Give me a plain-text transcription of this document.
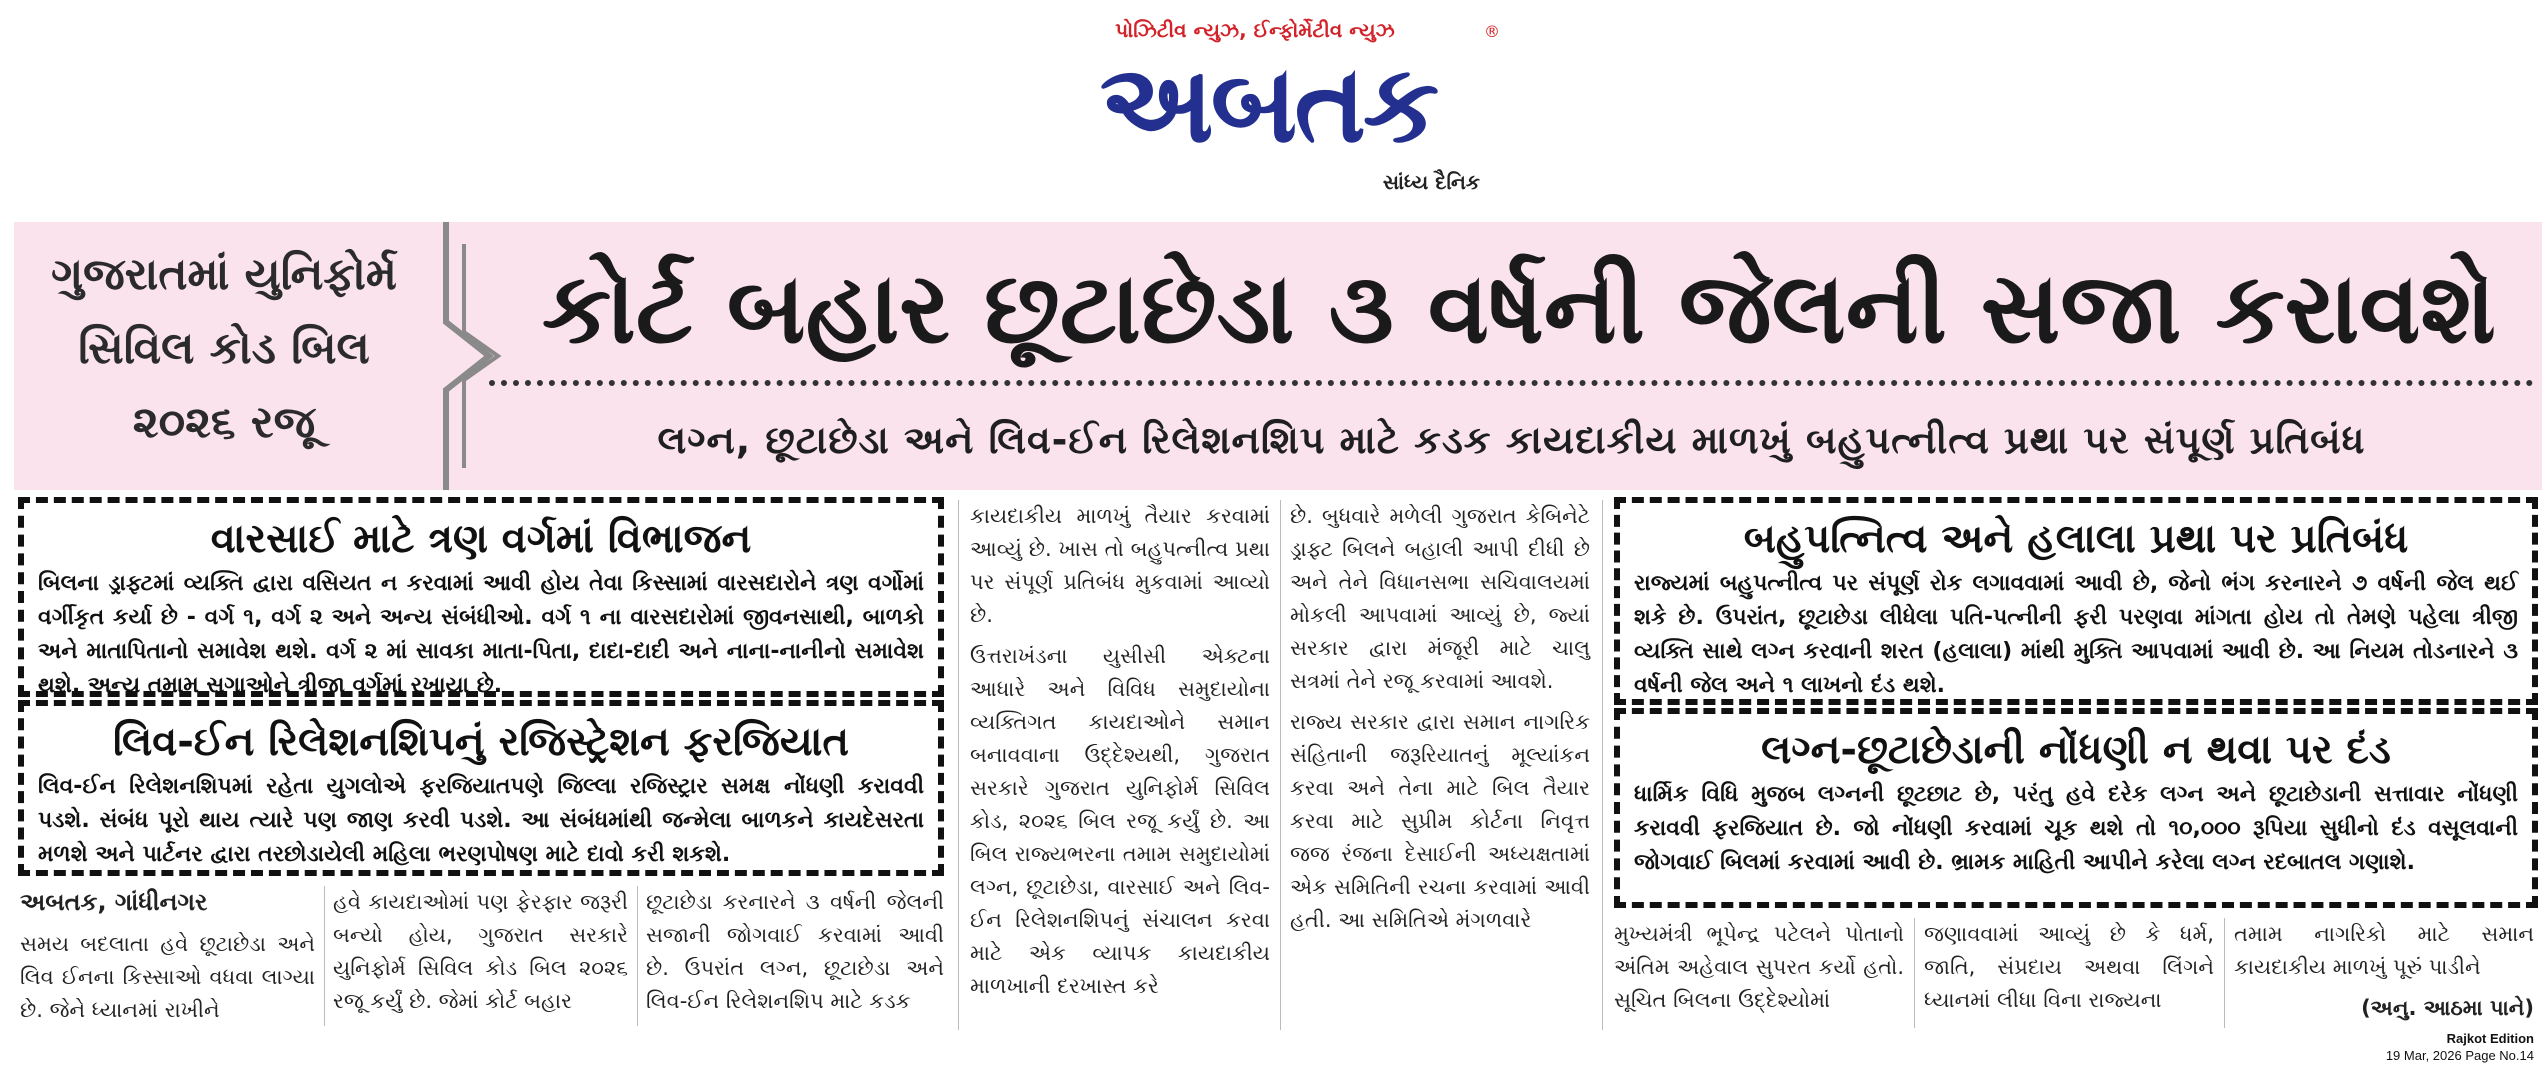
પોઝિટીવ ન્યુઝ, ઈન્ફોર્મેટીવ ન્યુઝ	®
અબતક
સાંધ્ય દૈનિક
ગુજરાતમાં યુનિફોર્મ
સિવિલ કોડ બિલ
૨૦૨૬ રજૂ
કોર્ટ બહાર છૂટાછેડા ૩ વર્ષની જેલની સજા કરાવશે
લગ્ન, છૂટાછેડા અને લિવ-ઈન રિલેશનશિપ માટે કડક કાયદાકીય માળખું બહુપત્નીત્વ પ્રથા પર સંપૂર્ણ પ્રતિબંધ
વારસાઈ માટે ત્રણ વર્ગમાં વિભાજન
બિલના ડ્રાફ્ટમાં વ્યક્તિ દ્વારા વસિયત ન કરવામાં આવી હોય તેવા કિસ્સામાં વારસદારોને ત્રણ વર્ગોમાં વર્ગીકૃત કર્યા છે - વર્ગ ૧, વર્ગ ૨ અને અન્ય સંબંધીઓ. વર્ગ ૧ ના વારસદારોમાં જીવનસાથી, બાળકો અને માતાપિતાનો સમાવેશ થશે. વર્ગ ૨ માં સાવકા માતા-પિતા, દાદા-દાદી અને નાના-નાનીનો સમાવેશ થશે. અન્ય તમામ સગાઓને ત્રીજા વર્ગમાં રખાયા છે.
લિવ-ઈન રિલેશનશિપનું રજિસ્ટ્રેશન ફરજિયાત
લિવ-ઈન રિલેશનશિપમાં રહેતા યુગલોએ ફરજિયાતપણે જિલ્લા રજિસ્ટ્રાર સમક્ષ નોંધણી કરાવવી પડશે. સંબંધ પૂરો થાય ત્યારે પણ જાણ કરવી પડશે. આ સંબંધમાંથી જન્મેલા બાળકને કાયદેસરતા મળશે અને પાર્ટનર દ્વારા તરછોડાયેલી મહિલા ભરણપોષણ માટે દાવો કરી શકશે.
બહુપત્નિત્વ અને હલાલા પ્રથા પર પ્રતિબંધ
રાજ્યમાં બહુપત્નીત્વ પર સંપૂર્ણ રોક લગાવવામાં આવી છે, જેનો ભંગ કરનારને ૭ વર્ષની જેલ થઈ શકે છે. ઉપરાંત, છૂટાછેડા લીધેલા પતિ-પત્નીની ફરી પરણવા માંગતા હોય તો તેમણે પહેલા ત્રીજી વ્યક્તિ સાથે લગ્ન કરવાની શરત (હલાલા) માંથી મુક્તિ આપવામાં આવી છે. આ નિયમ તોડનારને ૩ વર્ષની જેલ અને ૧ લાખનો દંડ થશે.
લગ્ન-છૂટાછેડાની નોંધણી ન થવા પર દંડ
ધાર્મિક વિધિ મુજબ લગ્નની છૂટછાટ છે, પરંતુ હવે દરેક લગ્ન અને છૂટાછેડાની સત્તાવાર નોંધણી કરાવવી ફરજિયાત છે. જો નોંધણી કરવામાં ચૂક થશે તો ૧૦,૦૦૦ રૂપિયા સુધીનો દંડ વસૂલવાની જોગવાઈ બિલમાં કરવામાં આવી છે. ભ્રામક માહિતી આપીને કરેલા લગ્ન રદબાતલ ગણાશે.

અબતક, ગાંધીનગર

સમય બદલાતા હવે છૂટાછેડા અને લિવ ઈનના કિસ્સાઓ વધવા લાગ્યા છે. જેને ધ્યાનમાં રાખીને

હવે કાયદાઓમાં પણ ફેરફાર જરૂરી બન્યો હોય, ગુજરાત સરકારે યુનિફોર્મ સિવિલ કોડ બિલ ૨૦૨૬ રજૂ કર્યું છે. જેમાં કોર્ટ બહાર

છૂટાછેડા કરનારને ૩ વર્ષની જેલની સજાની જોગવાઈ કરવામાં આવી છે. ઉપરાંત લગ્ન, છૂટાછેડા અને લિવ-ઈન રિલેશનશિપ માટે કડક

કાયદાકીય માળખું તૈયાર કરવામાં આવ્યું છે. ખાસ તો બહુપત્નીત્વ પ્રથા પર સંપૂર્ણ પ્રતિબંધ મુકવામાં આવ્યો છે.

ઉત્તરાખંડના યુસીસી એક્ટના આધારે અને વિવિધ સમુદાયોના વ્યક્તિગત કાયદાઓને સમાન બનાવવાના ઉદ્દેશ્યથી, ગુજરાત સરકારે ગુજરાત યુનિફોર્મ સિવિલ કોડ, ૨૦૨૬ બિલ રજૂ કર્યું છે. આ બિલ રાજ્યભરના તમામ સમુદાયોમાં લગ્ન, છૂટાછેડા, વારસાઈ અને લિવ-ઈન રિલેશનશિપનું સંચાલન કરવા માટે એક વ્યાપક કાયદાકીય માળખાની દરખાસ્ત કરે

છે. બુધવારે મળેલી ગુજરાત કેબિનેટે ડ્રાફ્ટ બિલને બહાલી આપી દીધી છે અને તેને વિધાનસભા સચિવાલયમાં મોકલી આપવામાં આવ્યું છે, જ્યાં સરકાર દ્વારા મંજૂરી માટે ચાલુ સત્રમાં તેને રજૂ કરવામાં આવશે.

રાજ્ય સરકાર દ્વારા સમાન નાગરિક સંહિતાની જરૂરિયાતનું મૂલ્યાંકન કરવા અને તેના માટે બિલ તૈયાર કરવા માટે સુપ્રીમ કોર્ટના નિવૃત્ત જજ રંજના દેસાઈની અધ્યક્ષતામાં એક સમિતિની રચના કરવામાં આવી હતી. આ સમિતિએ મંગળવારે

મુખ્યમંત્રી ભૂપેન્દ્ર પટેલને પોતાનો અંતિમ અહેવાલ સુપરત કર્યો હતો. સૂચિત બિલના ઉદ્દેશ્યોમાં

જણાવવામાં આવ્યું છે કે ધર્મ, જાતિ, સંપ્રદાય અથવા લિંગને ધ્યાનમાં લીધા વિના રાજ્યના

તમામ નાગરિકો માટે સમાન કાયદાકીય માળખું પૂરું પાડીને

(અનુ. આઠમા પાને)

Rajkot Edition
19 Mar, 2026 Page No.14
